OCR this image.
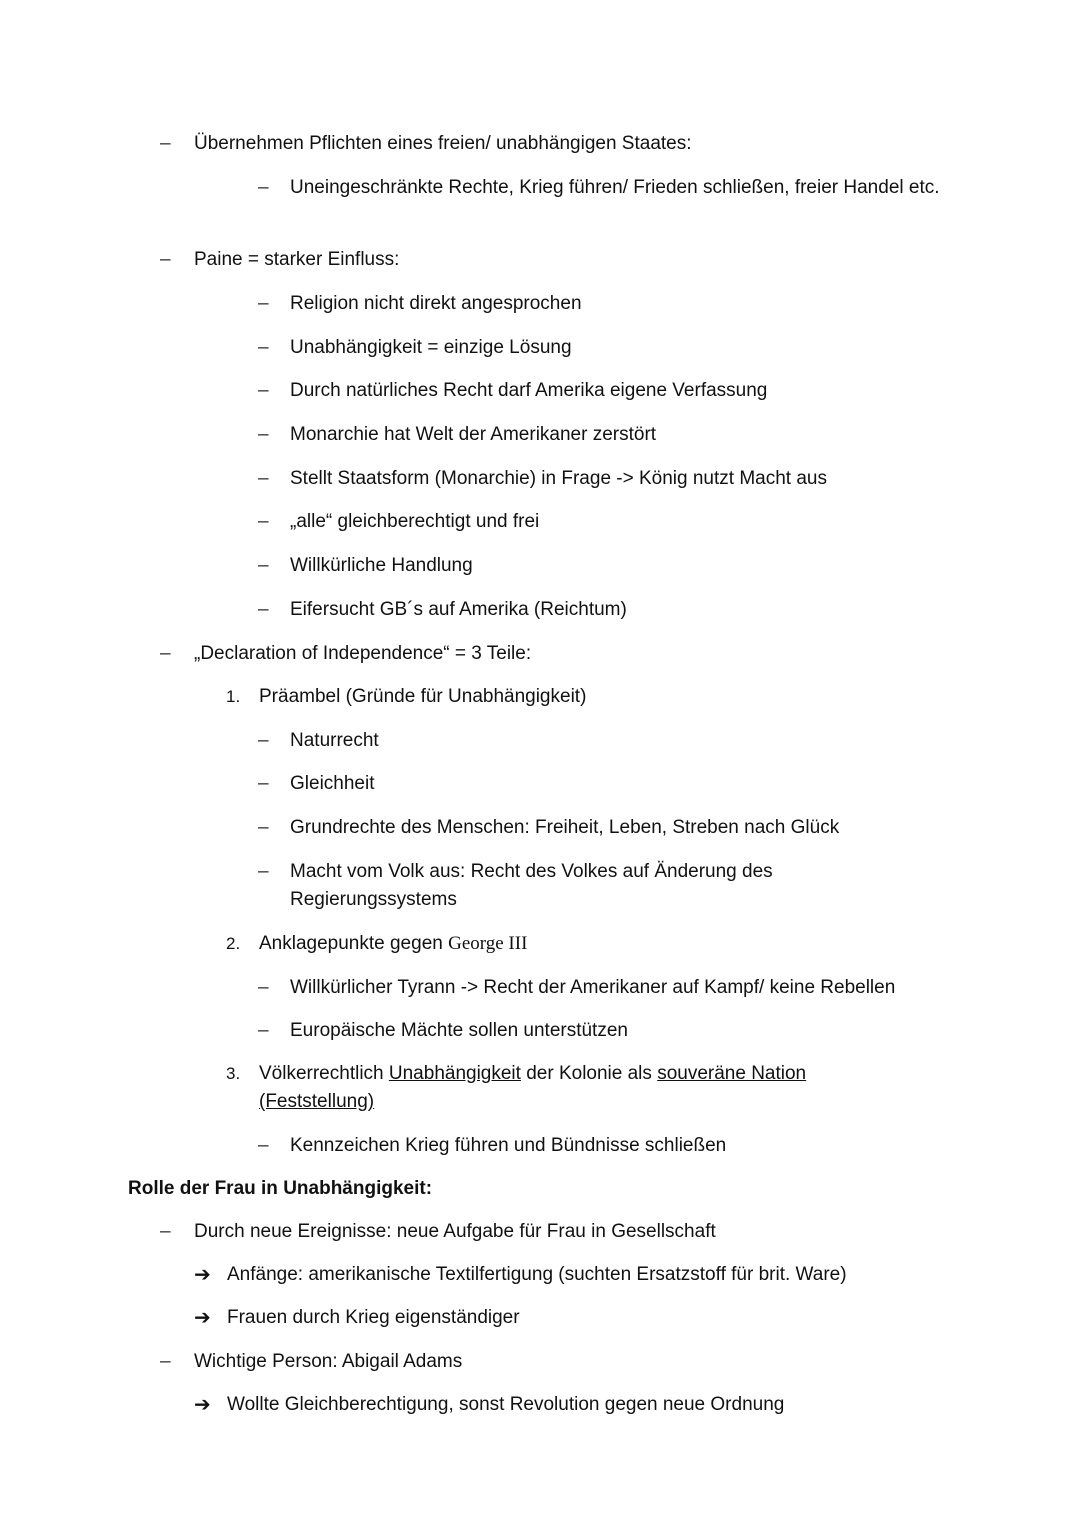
– Übernehmen Pflichten eines freien/ unabhängigen Staates:
– Uneingeschränkte Rechte, Krieg führen/ Frieden schließen, freier Handel etc.
– Paine = starker Einfluss:
– Religion nicht direkt angesprochen
– Unabhängigkeit = einzige Lösung
– Durch natürliches Recht darf Amerika eigene Verfassung
– Monarchie hat Welt der Amerikaner zerstört
– Stellt Staatsform (Monarchie) in Frage -> König nutzt Macht aus
– „alle“ gleichberechtigt und frei
– Willkürliche Handlung
– Eifersucht GB´s auf Amerika (Reichtum)
– „Declaration of Independence“ = 3 Teile:
1. Präambel (Gründe für Unabhängigkeit)
– Naturrecht
– Gleichheit
– Grundrechte des Menschen: Freiheit, Leben, Streben nach Glück
– Macht vom Volk aus: Recht des Volkes auf Änderung des Regierungssystems
2. Anklagepunkte gegen George III
– Willkürlicher Tyrann -> Recht der Amerikaner auf Kampf/ keine Rebellen
– Europäische Mächte sollen unterstützen
3. Völkerrechtlich Unabhängigkeit der Kolonie als souveräne Nation
(Feststellung)
– Kennzeichen Krieg führen und Bündnisse schließen
Rolle der Frau in Unabhängigkeit:
– Durch neue Ereignisse: neue Aufgabe für Frau in Gesellschaft
➔ Anfänge: amerikanische Textilfertigung (suchten Ersatzstoff für brit. Ware)
➔ Frauen durch Krieg eigenständiger
– Wichtige Person: Abigail Adams
➔ Wollte Gleichberechtigung, sonst Revolution gegen neue Ordnung
